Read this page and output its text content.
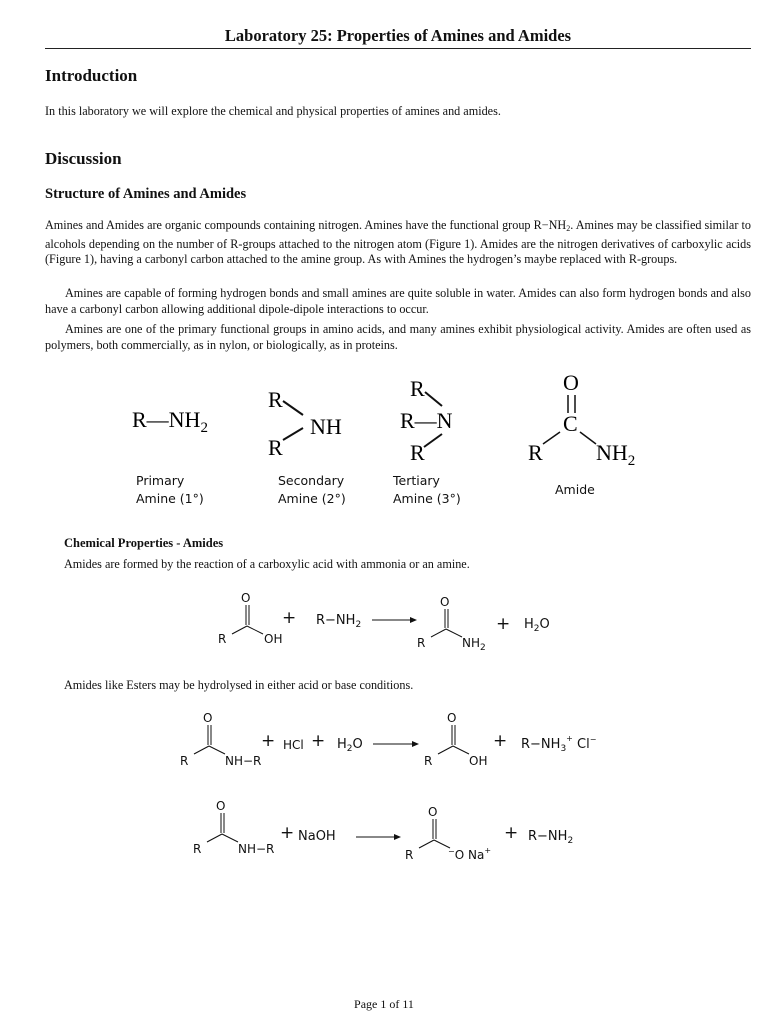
Laboratory 25: Properties of Amines and Amides
Introduction
In this laboratory we will explore the chemical and physical properties of amines and amides.
Discussion
Structure of Amines and Amides
Amines and Amides are organic compounds containing nitrogen. Amines have the functional group $R-NH_2$. Amines may be classified similar to alcohols depending on the number of R-groups attached to the nitrogen atom (Figure 1). Amides are the nitrogen derivatives of carboxylic acids (Figure 1), having a carbonyl carbon attached to the amine group. As with Amines the hydrogen’s maybe replaced with R-groups.
Amines are capable of forming hydrogen bonds and small amines are quite soluble in water. Amides can also form hydrogen bonds and also have a carbonyl carbon allowing additional dipole-dipole interactions to occur.
Amines are one of the primary functional groups in amino acids, and many amines exhibit physiological activity. Amides are often used as polymers, both commercially, as in nylon, or biologically, as in proteins.
$R—NH_2$
R
NH
R
R
R—N
R
O
C
R $NH_2$
Primary
Amine (1°)
Secondary
Amine (2°)
Tertiary
Amine (3°)
Amide
Chemical Properties - Amides
Amides are formed by the reaction of a carboxylic acid with ammonia or an amine.
O
R	OH
+ $R-NH_2$
O
R	$NH_2$
+ $H_2O$
Amides like Esters may be hydrolysed in either acid or base conditions.
O
R	NH−R
+ HCl + $H_2O$
O
R	OH
+ $R-NH_3^+$ Cl−
O
R	NH−R
+ NaOH
O
R	−O Na+
+ $R-NH_2$
Page 1 of 11
